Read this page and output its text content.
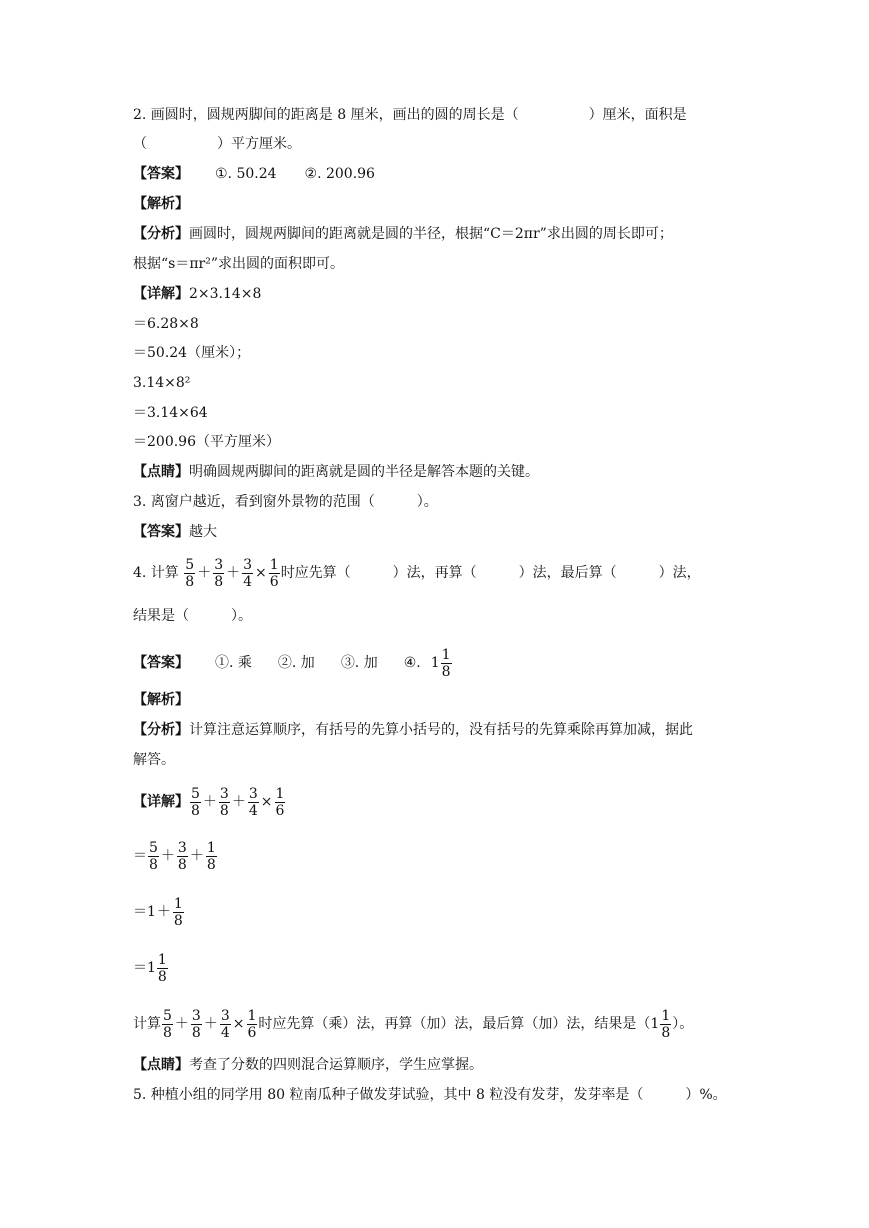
2. 画圆时，圆规两脚间的距离是 8 厘米，画出的圆的周长是（　　　　　）厘米，面积是
（　　　　　）平方厘米。
【答案】 ①. 50.24　　②. 200.96
【解析】
【分析】画圆时，圆规两脚间的距离就是圆的半径，根据“C＝2πr”求出圆的周长即可；
根据“s＝πr²”求出圆的面积即可。
【详解】2×3.14×8
＝6.28×8
＝50.24（厘米）；
3.14×8²
＝3.14×64
＝200.96（平方厘米）
【点睛】明确圆规两脚间的距离就是圆的半径是解答本题的关键。
3. 离窗户越近，看到窗外景物的范围（　　　）。
【答案】越大
4. 计算 $\frac{5}{8} + \frac{3}{8} + \frac{3}{4} \times \frac{1}{6}$ 时应先算（　　　）法，再算（　　　）法，最后算（　　　）法，
结果是（　　　）。
【答案】 ①. 乘 ②. 加 ③. 加 ④. $1 \frac{1}{8}$
【解析】
【分析】计算注意运算顺序，有括号的先算小括号的，没有括号的先算乘除再算加减，据此
解答。
【详解】 $\frac{5}{8} + \frac{3}{8} + \frac{3}{4} \times \frac{1}{6}$
＝ $\frac{5}{8} + \frac{3}{8} + \frac{1}{8}$
$=1+ \frac{1}{8}$
$=1 \frac{1}{8}$
计算 $\frac{5}{8} + \frac{3}{8} + \frac{3}{4} \times \frac{1}{6}$ 时应先算（乘）法，再算（加）法，最后算（加）法，结果是（$1 \frac{1}{8}$ ）。
【点睛】考查了分数的四则混合运算顺序，学生应掌握。
5. 种植小组的同学用 80 粒南瓜种子做发芽试验，其中 8 粒没有发芽，发芽率是（　　　）%。
